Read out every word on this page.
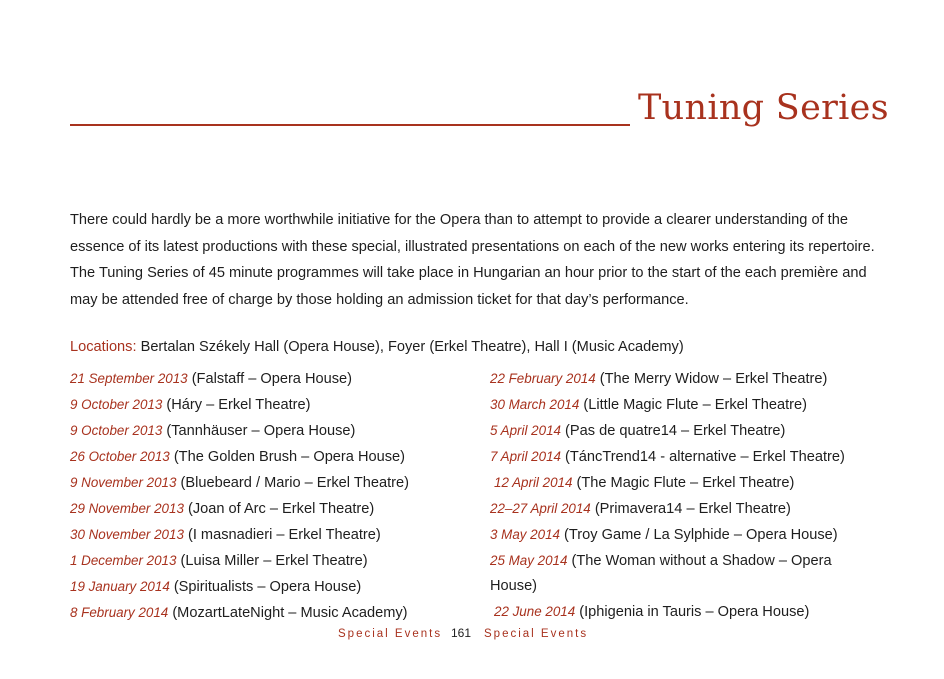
Tuning Series
There could hardly be a more worthwhile initiative for the Opera than to attempt to provide a clearer understanding of the essence of its latest productions with these special, illustrated presentations on each of the new works entering its repertoire. The Tuning Series of 45 minute programmes will take place in Hungarian an hour prior to the start of the each première and may be attended free of charge by those holding an admission ticket for that day’s performance.
Locations: Bertalan Székely Hall (Opera House), Foyer (Erkel Theatre), Hall I (Music Academy)
21 September 2013 (Falstaff – Opera House)
9 October 2013 (Háry – Erkel Theatre)
9 October 2013 (Tannhäuser – Opera House)
26 October 2013 (The Golden Brush – Opera House)
9 November 2013 (Bluebeard / Mario – Erkel Theatre)
29 November 2013 (Joan of Arc – Erkel Theatre)
30 November 2013 (I masnadieri – Erkel Theatre)
1 December 2013 (Luisa Miller – Erkel Theatre)
19 January 2014 (Spiritualists – Opera House)
8 February 2014 (MozartLateNight – Music Academy)
22 February 2014 (The Merry Widow – Erkel Theatre)
30 March 2014 (Little Magic Flute – Erkel Theatre)
5 April 2014 (Pas de quatre14 – Erkel Theatre)
7 April 2014 (TáncTrend14 - alternative – Erkel Theatre)
12 April 2014 (The Magic Flute – Erkel Theatre)
22–27 April 2014 (Primavera14 – Erkel Theatre)
3 May 2014 (Troy Game / La Sylphide – Opera House)
25 May 2014 (The Woman without a Shadow – Opera House)
22 June 2014 (Iphigenia in Tauris – Opera House)
Special Events 161 Special Events
